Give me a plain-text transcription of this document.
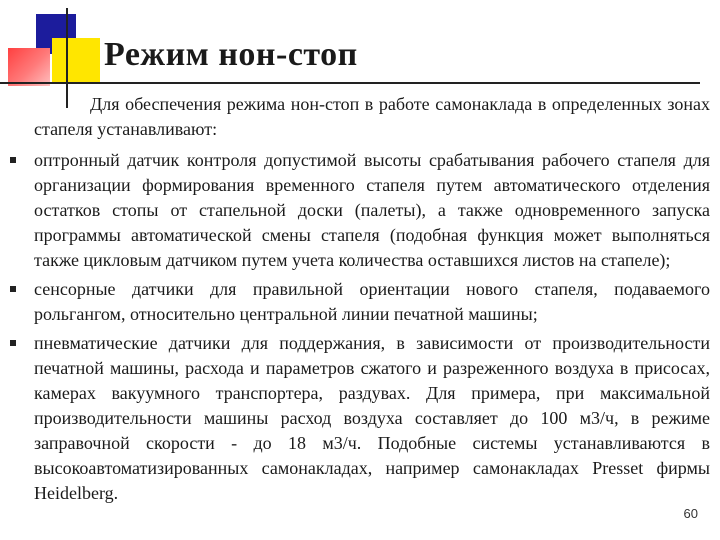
Режим нон-стоп

Для обеспечения режима нон-стоп в работе самонаклада в определенных зонах стапеля устанавливают:

оптронный датчик контроля допустимой высоты срабатывания рабочего стапеля для организации формирования временного стапеля путем автоматического отделения остатков стопы от стапельной доски (палеты), а также одновременного запуска программы автоматической смены стапеля (подобная функция может выполняться также цикловым датчиком путем учета количества оставшихся листов на стапеле);
сенсорные датчики для правильной ориентации нового стапеля, подаваемого рольгангом, относительно центральной линии печатной машины;
пневматические датчики для поддержания, в зависимости от производительности печатной машины, расхода и параметров сжатого и разреженного воздуха в присосах, камерах вакуумного транспортера, раздувах. Для примера, при максимальной производительности машины расход воздуха составляет до 100 м3/ч, в режиме заправочной скорости - до 18 м3/ч. Подобные системы устанавливаются в высокоавтоматизированных самонакладах, например самонакладах Presset фирмы Heidelberg.
60
